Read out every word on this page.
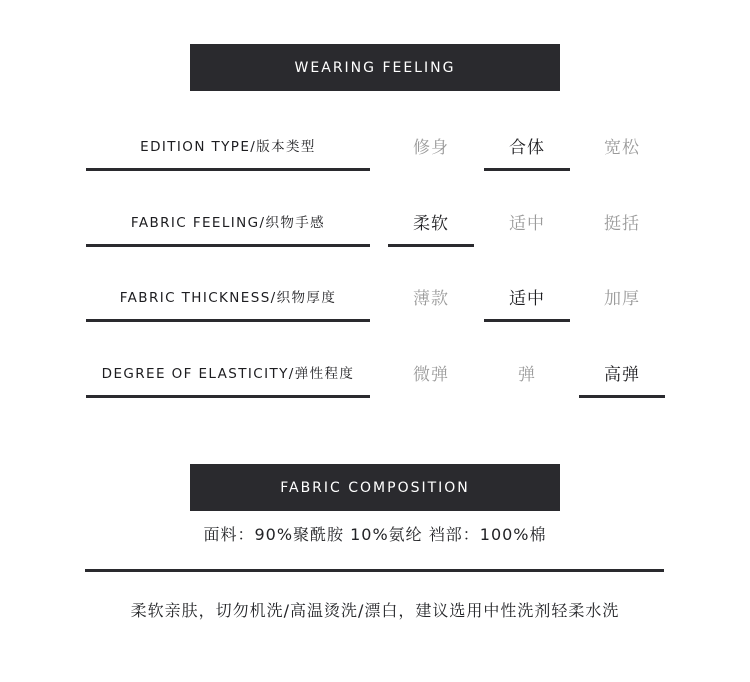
WEARING FEELING
EDITION TYPE/版本类型	修身	合体	宽松
FABRIC FEELING/织物手感	柔软	适中	挺括
FABRIC THICKNESS/织物厚度	薄款	适中	加厚
DEGREE OF ELASTICITY/弹性程度	微弹	弹	高弹
FABRIC COMPOSITION
面料：90%聚酰胺 10%氨纶 裆部：100%棉
柔软亲肤，切勿机洗/高温烫洗/漂白，建议选用中性洗剂轻柔水洗
